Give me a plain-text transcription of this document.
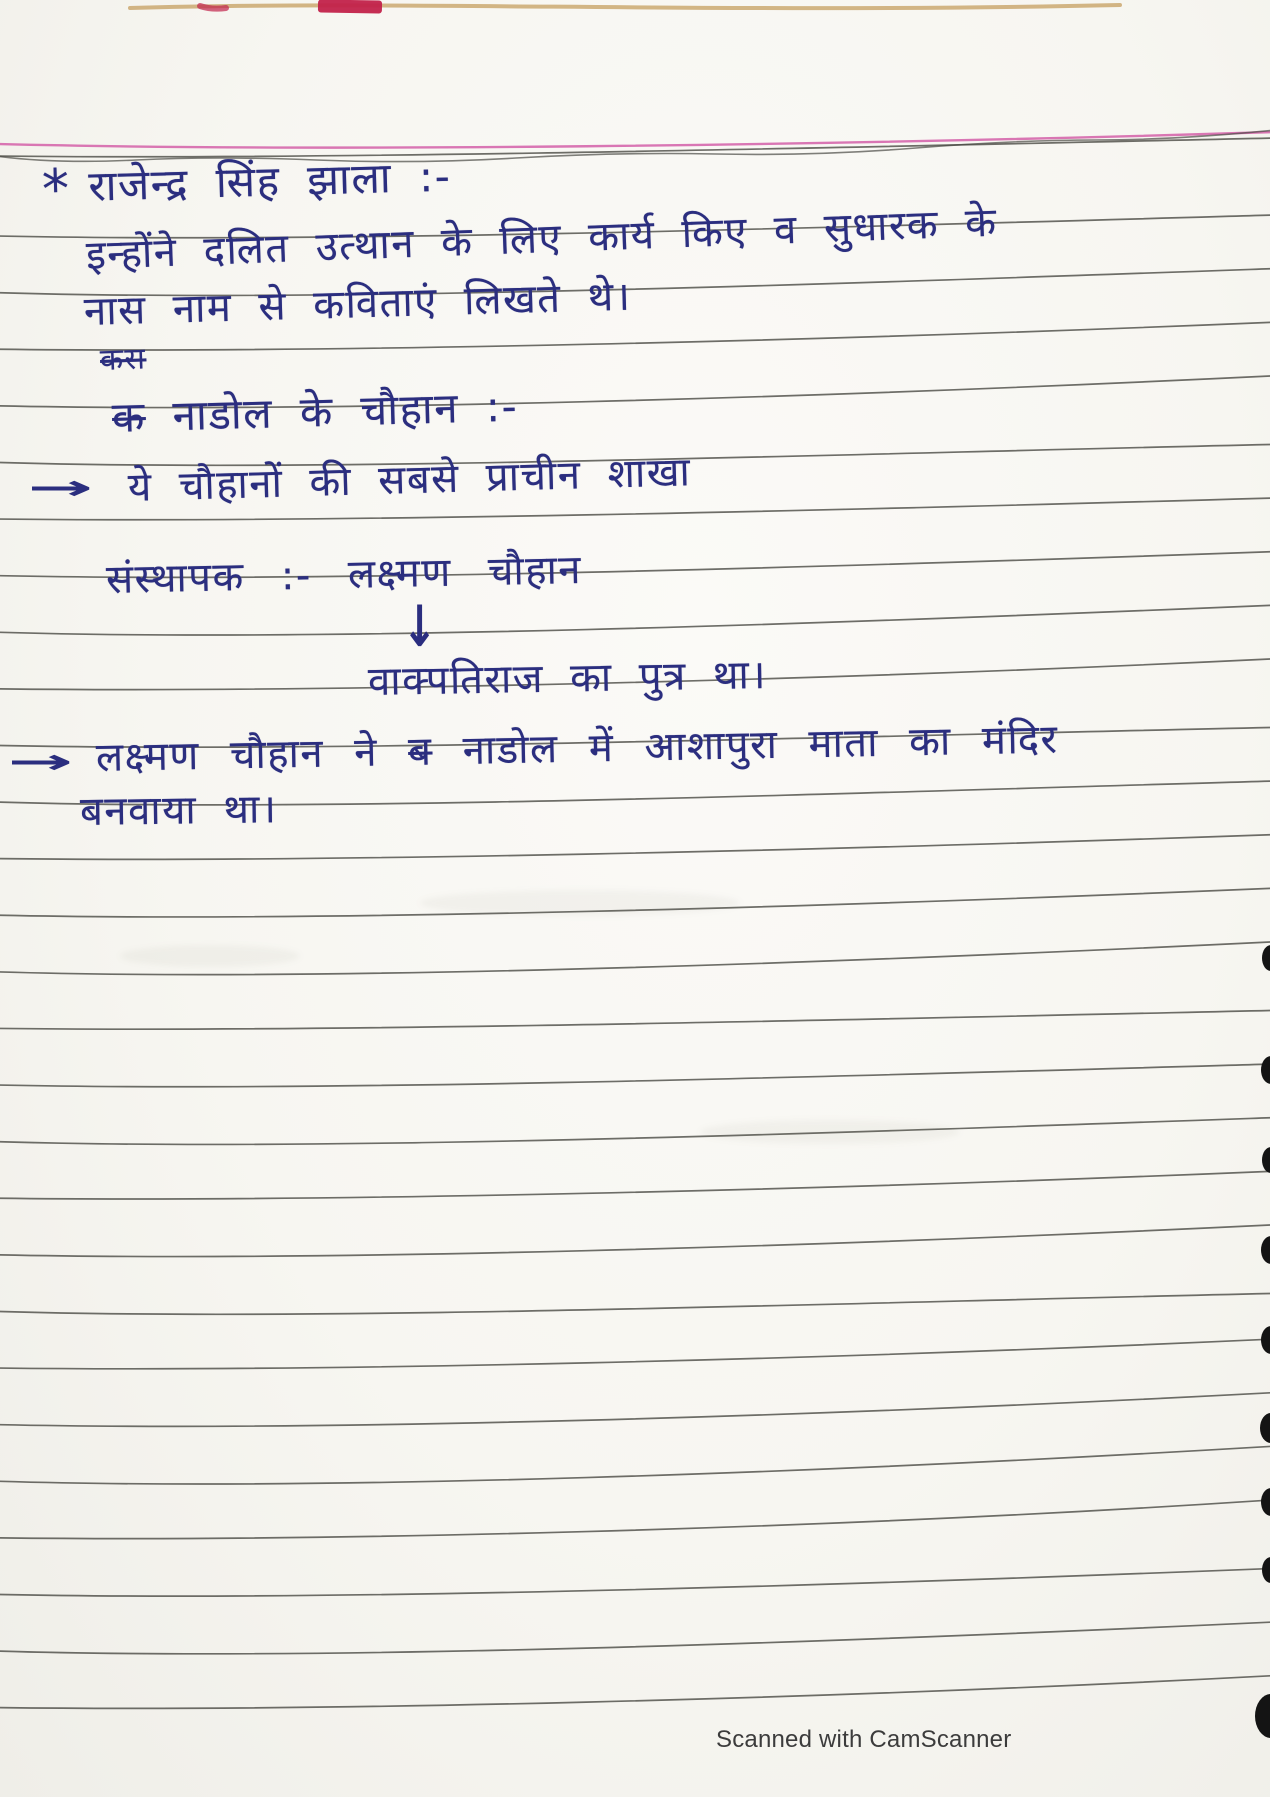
* राजेन्द्र सिंह झाला :-
इन्होंने दलित उत्थान के लिए कार्य किए व सुधारक के
नास नाम से कविताएं लिखते थे।
कस
क नाडोल के चौहान :-
→ ये चौहानों की सबसे प्राचीन शाखा
संस्थापक :- लक्ष्मण चौहान
↓
वाक्पतिराज का पुत्र था।
→ लक्ष्मण चौहान ने ब नाडोल में आशापुरा माता का मंदिर
बनवाया था।
Scanned with CamScanner
